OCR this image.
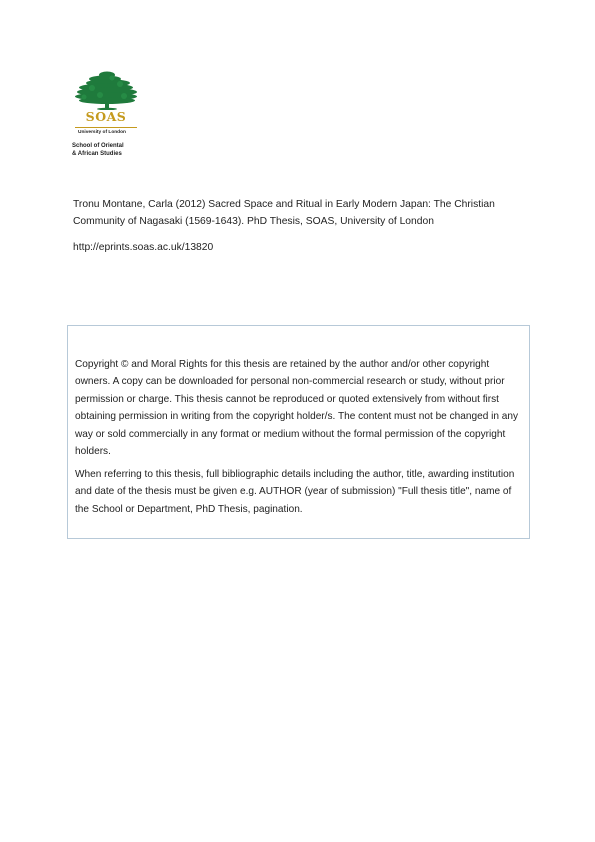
SOAS
University of London
School of Oriental
& African Studies
Tronu Montane, Carla (2012) Sacred Space and Ritual in Early Modern Japan: The Christian
Community of Nagasaki (1569-1643). PhD Thesis, SOAS, University of London
http://eprints.soas.ac.uk/13820

Copyright © and Moral Rights for this thesis are retained by the author and/or other copyright owners. A copy can be downloaded for personal non-commercial research or study, without prior permission or charge. This thesis cannot be reproduced or quoted extensively from without first obtaining permission in writing from the copyright holder/s. The content must not be changed in any way or sold commercially in any format or medium without the formal permission of the copyright holders.

When referring to this thesis, full bibliographic details including the author, title, awarding institution and date of the thesis must be given e.g. AUTHOR (year of submission) "Full thesis title", name of the School or Department, PhD Thesis, pagination.
